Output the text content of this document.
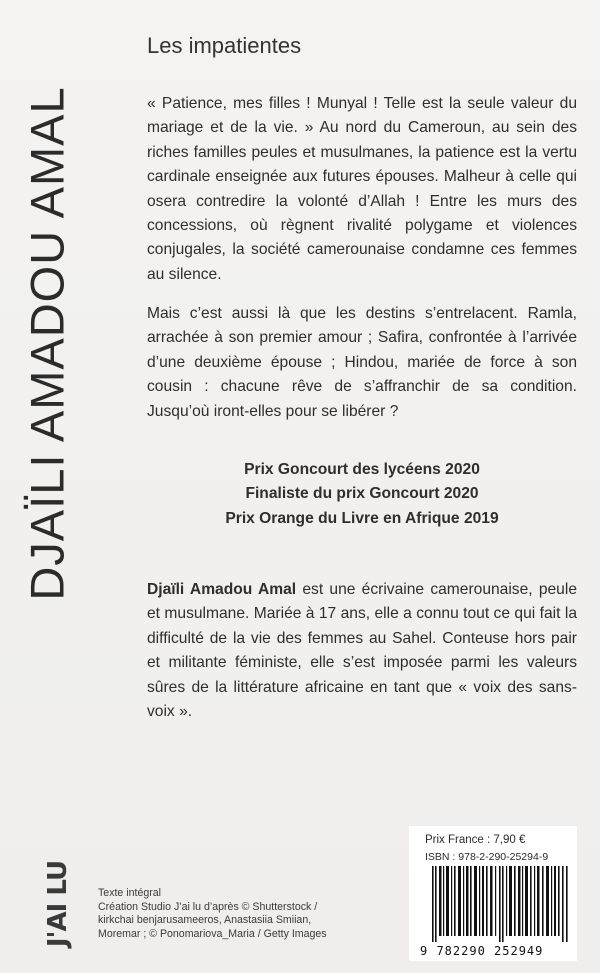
DJAÏLI AMADOU AMAL
Les impatientes

« Patience, mes filles ! Munyal ! Telle est la seule valeur du mariage et de la vie. » Au nord du Cameroun, au sein des riches familles peules et musulmanes, la patience est la vertu cardinale enseignée aux futures épouses. Malheur à celle qui osera contredire la volonté d’Allah ! Entre les murs des concessions, où règnent rivalité polygame et violences conjugales, la société camerounaise condamne ces femmes au silence.

Mais c’est aussi là que les destins s’entrelacent. Ramla, arrachée à son premier amour ; Safira, confrontée à l’arrivée d’une deuxième épouse ; Hindou, mariée de force à son cousin : chacune rêve de s’affranchir de sa condition. Jusqu’où iront-elles pour se libérer ?

Prix Goncourt des lycéens 2020
Finaliste du prix Goncourt 2020
Prix Orange du Livre en Afrique 2019

Djaïli Amadou Amal est une écrivaine camerounaise, peule et musulmane. Mariée à 17 ans, elle a connu tout ce qui fait la difficulté de la vie des femmes au Sahel. Conteuse hors pair et militante féministe, elle s’est imposée parmi les valeurs sûres de la littérature africaine en tant que « voix des sans-voix ».

J'AI LU Texte intégral
Création Studio J’ai lu d’après © Shutterstock /
kirkchai benjarusameeros, Anastasiia Smiian,
Moremar ; © Ponomariova_Maria / Getty Images
Prix France : 7,90 €
ISBN : 978-2-290-25294-9
9 782290 252949
